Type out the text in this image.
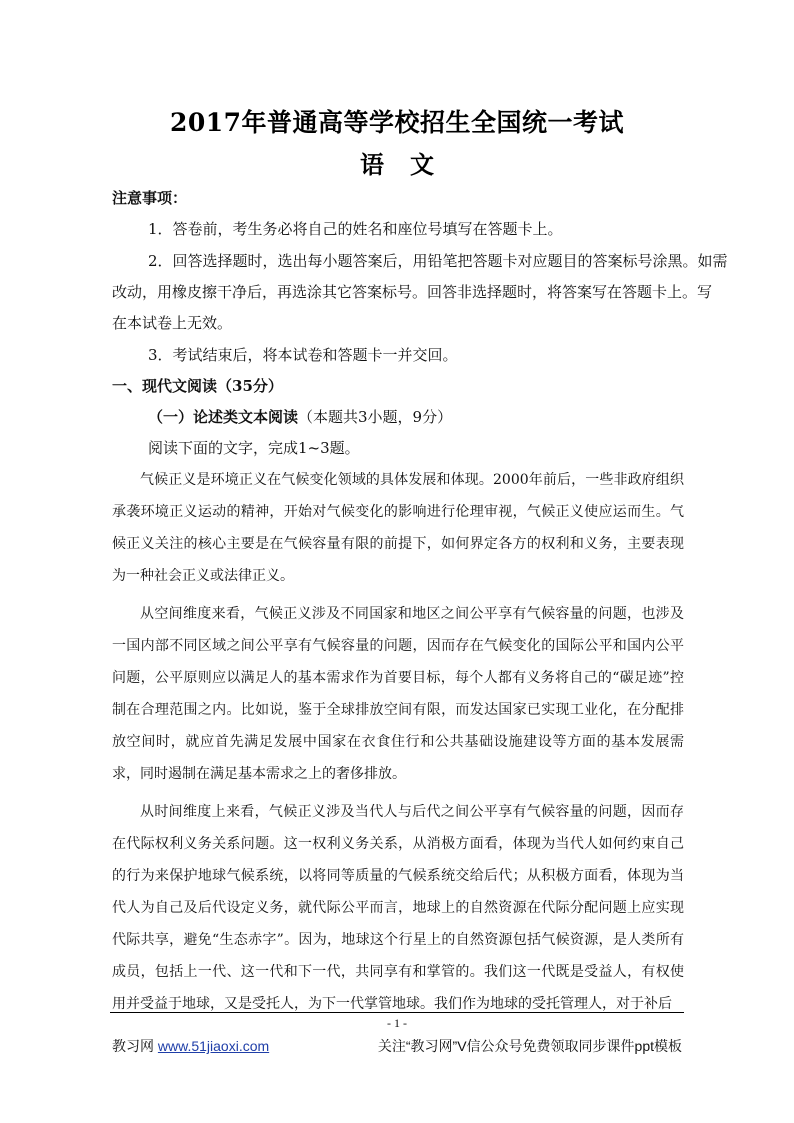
2017年普通高等学校招生全国统一考试
语文
注意事项：
1．答卷前，考生务必将自己的姓名和座位号填写在答题卡上。
2．回答选择题时，选出每小题答案后，用铅笔把答题卡对应题目的答案标号涂黑。如需
改动，用橡皮擦干净后，再选涂其它答案标号。回答非选择题时，将答案写在答题卡上。写
在本试卷上无效。
3．考试结束后，将本试卷和答题卡一并交回。
一、现代文阅读（35分）
（一）论述类文本阅读（本题共3小题，9分）
阅读下面的文字，完成1~3题。

气候正义是环境正义在气候变化领域的具体发展和体现。2000年前后，一些非政府组织承袭环境正义运动的精神，开始对气候变化的影响进行伦理审视，气候正义使应运而生。气候正义关注的核心主要是在气候容量有限的前提下，如何界定各方的权利和义务，主要表现为一种社会正义或法律正义。

从空间维度来看，气候正义涉及不同国家和地区之间公平享有气候容量的问题，也涉及一国内部不同区域之间公平享有气候容量的问题，因而存在气候变化的国际公平和国内公平问题，公平原则应以满足人的基本需求作为首要目标，每个人都有义务将自己的“碳足迹”控制在合理范围之内。比如说，鉴于全球排放空间有限，而发达国家已实现工业化，在分配排放空间时，就应首先满足发展中国家在衣食住行和公共基础设施建设等方面的基本发展需求，同时遏制在满足基本需求之上的奢侈排放。

从时间维度上来看，气候正义涉及当代人与后代之间公平享有气候容量的问题，因而存在代际权利义务关系问题。这一权利义务关系，从消极方面看，体现为当代人如何约束自己的行为来保护地球气候系统，以将同等质量的气候系统交给后代；从积极方面看，体现为当代人为自己及后代设定义务，就代际公平而言，地球上的自然资源在代际分配问题上应实现代际共享，避免“生态赤字”。因为，地球这个行星上的自然资源包括气候资源，是人类所有成员，包括上一代、这一代和下一代，共同享有和掌管的。我们这一代既是受益人，有权使用并受益于地球，又是受托人，为下一代掌管地球。我们作为地球的受托管理人，对于补后

- 1 -
教习网 www.51jiaoxi.com	关注“教习网”V信公众号免费领取同步课件ppt模板
